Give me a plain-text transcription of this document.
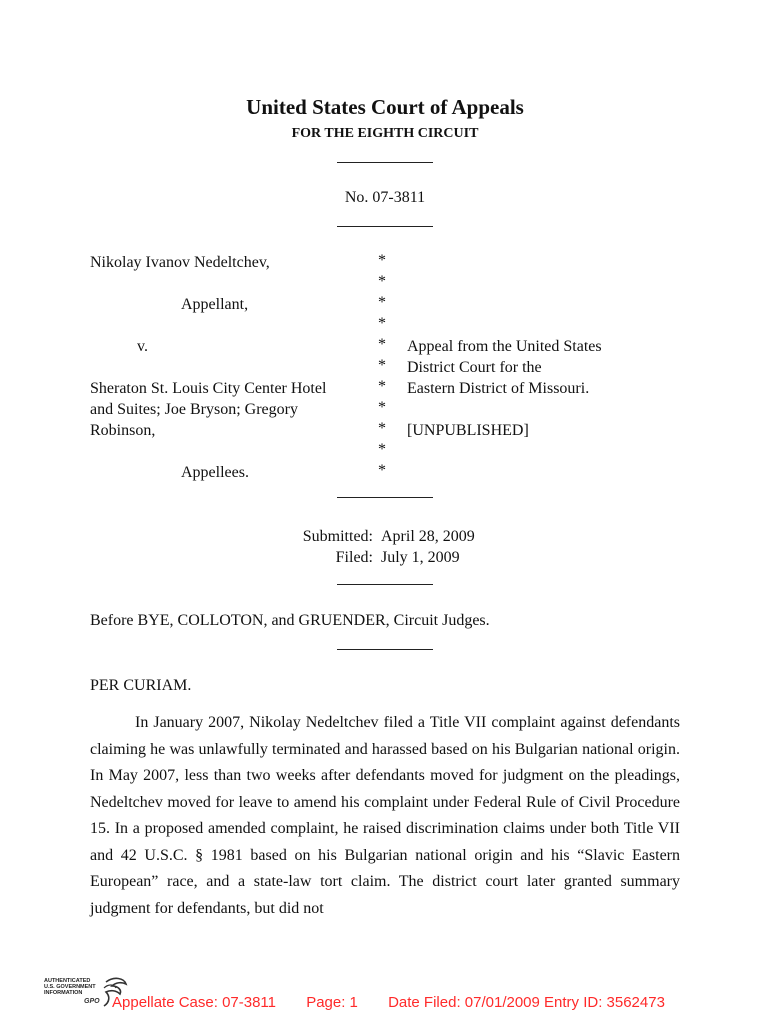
United States Court of Appeals
FOR THE EIGHTH CIRCUIT
No. 07-3811
Nikolay Ivanov Nedeltchev,
Appellant,
v.
Sheraton St. Louis City Center Hotel
and Suites; Joe Bryson; Gregory
Robinson,
Appellees.
*
*
*
*
*
*
*
*
*
*
*
Appeal from the United States
District Court for the
Eastern District of Missouri.
[UNPUBLISHED]
Submitted: April 28, 2009
Filed: July 1, 2009
Before BYE, COLLOTON, and GRUENDER, Circuit Judges.
PER CURIAM.
In January 2007, Nikolay Nedeltchev filed a Title VII complaint against defendants claiming he was unlawfully terminated and harassed based on his Bulgarian national origin. In May 2007, less than two weeks after defendants moved for judgment on the pleadings, Nedeltchev moved for leave to amend his complaint under Federal Rule of Civil Procedure 15. In a proposed amended complaint, he raised discrimination claims under both Title VII and 42 U.S.C. § 1981 based on his Bulgarian national origin and his “Slavic Eastern European” race, and a state-law tort claim. The district court later granted summary judgment for defendants, but did not
AUTHENTICATED
U.S. GOVERNMENT
INFORMATION
GPO Appellate Case: 07-3811 Page: 1 Date Filed: 07/01/2009 Entry ID: 3562473
